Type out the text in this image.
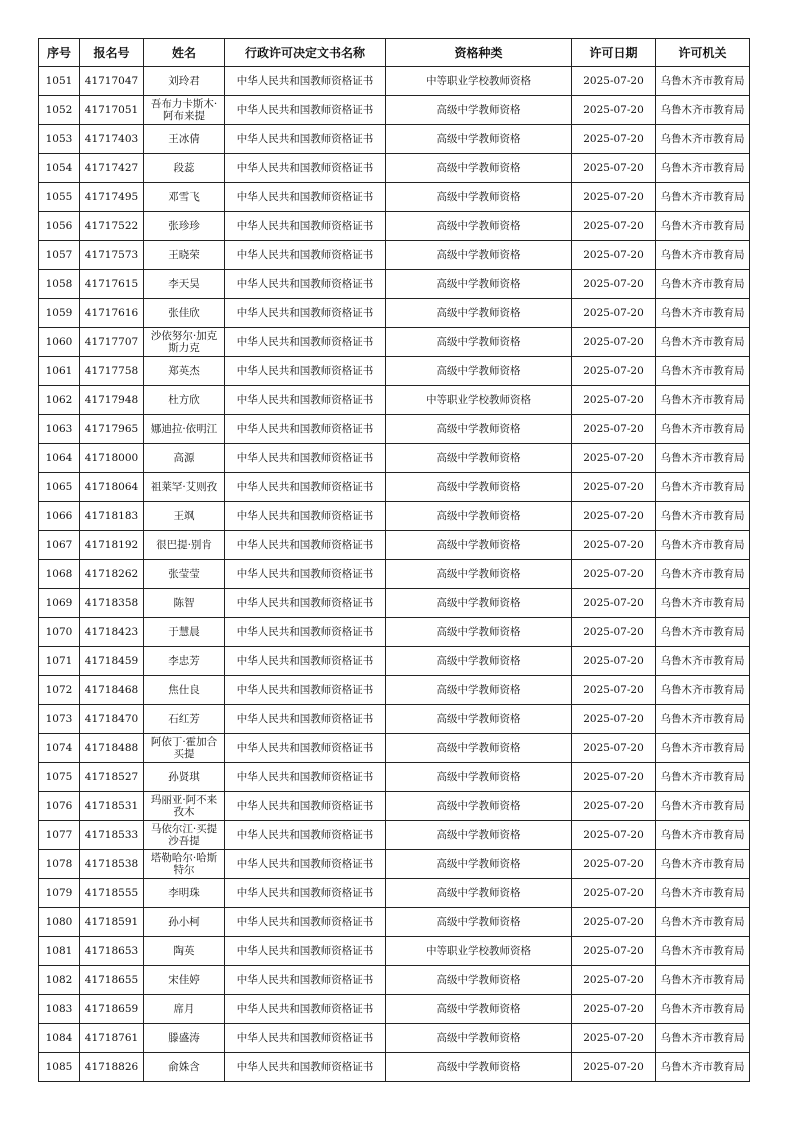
序号	报名号	姓名	行政许可决定文书名称	资格种类	许可日期	许可机关
1051	41717047	刘玲君	中华人民共和国教师资格证书	中等职业学校教师资格	2025-07-20	乌鲁木齐市教育局
1052	41717051	吾布力卡斯木·阿布来提	中华人民共和国教师资格证书	高级中学教师资格	2025-07-20	乌鲁木齐市教育局
1053	41717403	王冰倩	中华人民共和国教师资格证书	高级中学教师资格	2025-07-20	乌鲁木齐市教育局
1054	41717427	段蕊	中华人民共和国教师资格证书	高级中学教师资格	2025-07-20	乌鲁木齐市教育局
1055	41717495	邓雪飞	中华人民共和国教师资格证书	高级中学教师资格	2025-07-20	乌鲁木齐市教育局
1056	41717522	张珍珍	中华人民共和国教师资格证书	高级中学教师资格	2025-07-20	乌鲁木齐市教育局
1057	41717573	王晓荣	中华人民共和国教师资格证书	高级中学教师资格	2025-07-20	乌鲁木齐市教育局
1058	41717615	李天昊	中华人民共和国教师资格证书	高级中学教师资格	2025-07-20	乌鲁木齐市教育局
1059	41717616	张佳欣	中华人民共和国教师资格证书	高级中学教师资格	2025-07-20	乌鲁木齐市教育局
1060	41717707	沙依努尔·加克斯力克	中华人民共和国教师资格证书	高级中学教师资格	2025-07-20	乌鲁木齐市教育局
1061	41717758	郑英杰	中华人民共和国教师资格证书	高级中学教师资格	2025-07-20	乌鲁木齐市教育局
1062	41717948	杜方欣	中华人民共和国教师资格证书	中等职业学校教师资格	2025-07-20	乌鲁木齐市教育局
1063	41717965	娜迪拉·依明江	中华人民共和国教师资格证书	高级中学教师资格	2025-07-20	乌鲁木齐市教育局
1064	41718000	高源	中华人民共和国教师资格证书	高级中学教师资格	2025-07-20	乌鲁木齐市教育局
1065	41718064	祖莱罕·艾则孜	中华人民共和国教师资格证书	高级中学教师资格	2025-07-20	乌鲁木齐市教育局
1066	41718183	王飒	中华人民共和国教师资格证书	高级中学教师资格	2025-07-20	乌鲁木齐市教育局
1067	41718192	很巴提·别肯	中华人民共和国教师资格证书	高级中学教师资格	2025-07-20	乌鲁木齐市教育局
1068	41718262	张莹莹	中华人民共和国教师资格证书	高级中学教师资格	2025-07-20	乌鲁木齐市教育局
1069	41718358	陈智	中华人民共和国教师资格证书	高级中学教师资格	2025-07-20	乌鲁木齐市教育局
1070	41718423	于慧晨	中华人民共和国教师资格证书	高级中学教师资格	2025-07-20	乌鲁木齐市教育局
1071	41718459	李忠芳	中华人民共和国教师资格证书	高级中学教师资格	2025-07-20	乌鲁木齐市教育局
1072	41718468	焦仕良	中华人民共和国教师资格证书	高级中学教师资格	2025-07-20	乌鲁木齐市教育局
1073	41718470	石红芳	中华人民共和国教师资格证书	高级中学教师资格	2025-07-20	乌鲁木齐市教育局
1074	41718488	阿依丁·霍加合买提	中华人民共和国教师资格证书	高级中学教师资格	2025-07-20	乌鲁木齐市教育局
1075	41718527	孙贤琪	中华人民共和国教师资格证书	高级中学教师资格	2025-07-20	乌鲁木齐市教育局
1076	41718531	玛丽亚·阿不来孜木	中华人民共和国教师资格证书	高级中学教师资格	2025-07-20	乌鲁木齐市教育局
1077	41718533	马依尔江·买提沙吾提	中华人民共和国教师资格证书	高级中学教师资格	2025-07-20	乌鲁木齐市教育局
1078	41718538	塔勒哈尔·哈斯特尔	中华人民共和国教师资格证书	高级中学教师资格	2025-07-20	乌鲁木齐市教育局
1079	41718555	李明珠	中华人民共和国教师资格证书	高级中学教师资格	2025-07-20	乌鲁木齐市教育局
1080	41718591	孙小柯	中华人民共和国教师资格证书	高级中学教师资格	2025-07-20	乌鲁木齐市教育局
1081	41718653	陶英	中华人民共和国教师资格证书	中等职业学校教师资格	2025-07-20	乌鲁木齐市教育局
1082	41718655	宋佳婷	中华人民共和国教师资格证书	高级中学教师资格	2025-07-20	乌鲁木齐市教育局
1083	41718659	席月	中华人民共和国教师资格证书	高级中学教师资格	2025-07-20	乌鲁木齐市教育局
1084	41718761	滕盛涛	中华人民共和国教师资格证书	高级中学教师资格	2025-07-20	乌鲁木齐市教育局
1085	41718826	俞姝含	中华人民共和国教师资格证书	高级中学教师资格	2025-07-20	乌鲁木齐市教育局
